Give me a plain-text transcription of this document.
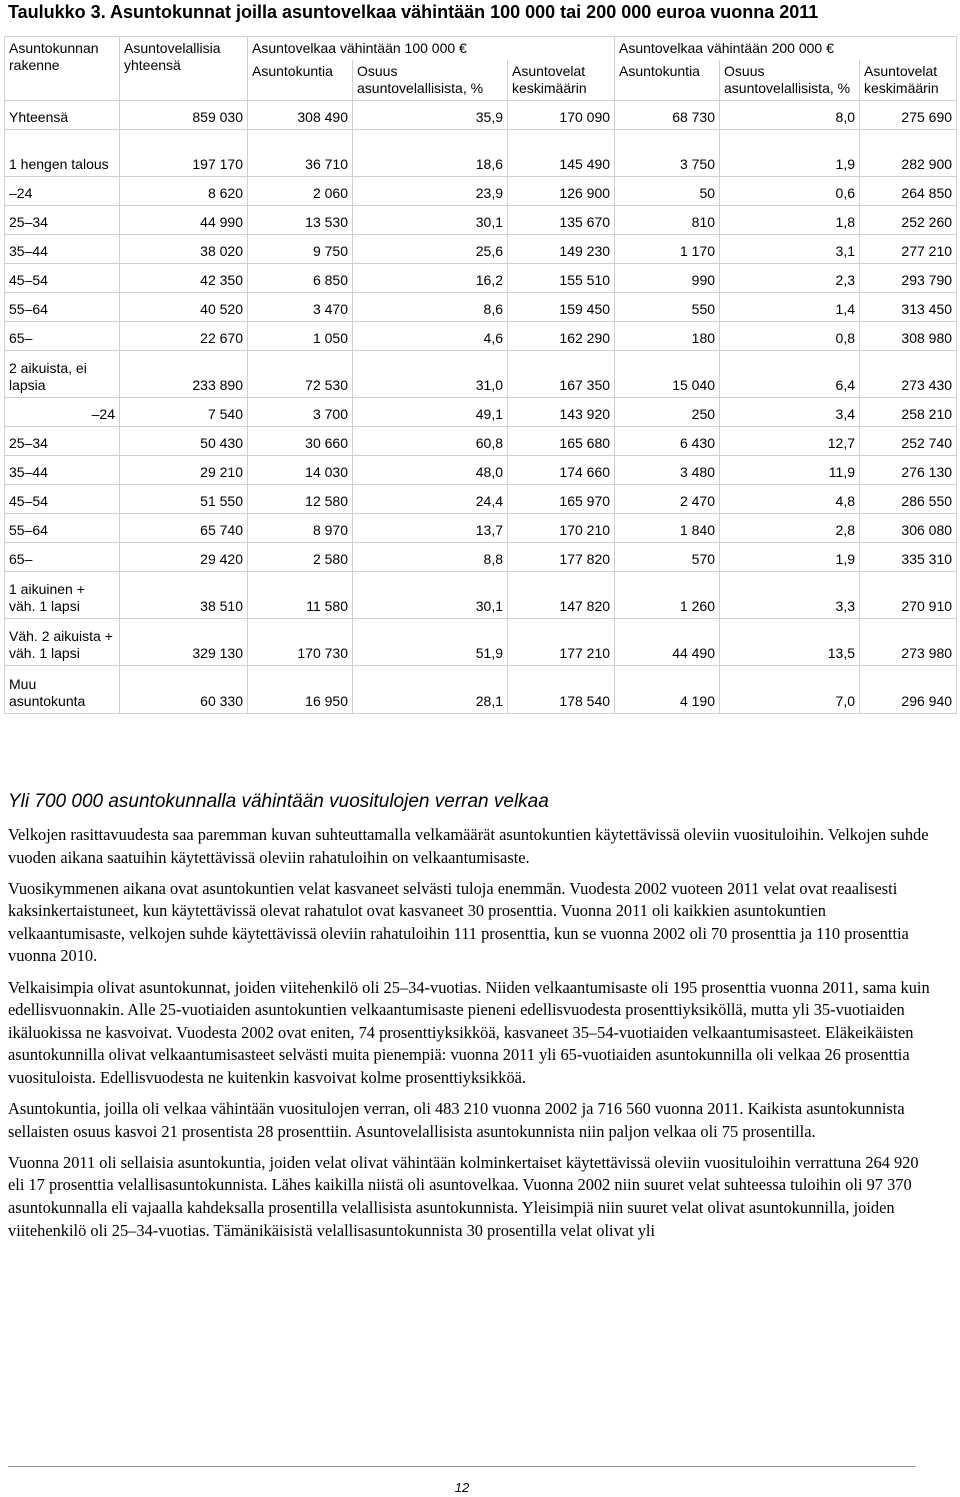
Taulukko 3. Asuntokunnat joilla asuntovelkaa vähintään 100 000 tai 200 000 euroa vuonna 2011
Asuntokunnan rakenne	Asuntovelallisia yhteensä	Asuntovelkaa vähintään 100 000 €			Asuntovelkaa vähintään 200 000 €		
		Asuntokuntia	Osuus asuntovelallisista, %	Asuntovelat keskimäärin	Asuntokuntia	Osuus asuntovelallisista, %	Asuntovelat keskimäärin
Yhteensä	859 030	308 490	35,9	170 090	68 730	8,0	275 690
1 hengen talous	197 170	36 710	18,6	145 490	3 750	1,9	282 900
–24	8 620	2 060	23,9	126 900	50	0,6	264 850
25–34	44 990	13 530	30,1	135 670	810	1,8	252 260
35–44	38 020	9 750	25,6	149 230	1 170	3,1	277 210
45–54	42 350	6 850	16,2	155 510	990	2,3	293 790
55–64	40 520	3 470	8,6	159 450	550	1,4	313 450
65–	22 670	1 050	4,6	162 290	180	0,8	308 980
2 aikuista, ei lapsia	233 890	72 530	31,0	167 350	15 040	6,4	273 430
–24	7 540	3 700	49,1	143 920	250	3,4	258 210
25–34	50 430	30 660	60,8	165 680	6 430	12,7	252 740
35–44	29 210	14 030	48,0	174 660	3 480	11,9	276 130
45–54	51 550	12 580	24,4	165 970	2 470	4,8	286 550
55–64	65 740	8 970	13,7	170 210	1 840	2,8	306 080
65–	29 420	2 580	8,8	177 820	570	1,9	335 310
1 aikuinen + väh. 1 lapsi	38 510	11 580	30,1	147 820	1 260	3,3	270 910
Väh. 2 aikuista + väh. 1 lapsi	329 130	170 730	51,9	177 210	44 490	13,5	273 980
Muu asuntokunta	60 330	16 950	28,1	178 540	4 190	7,0	296 940
Yli 700 000 asuntokunnalla vähintään vuositulojen verran velkaa

Velkojen rasittavuudesta saa paremman kuvan suhteuttamalla velkamäärät asuntokuntien käytettävissä oleviin vuosituloihin. Velkojen suhde vuoden aikana saatuihin käytettävissä oleviin rahatuloihin on velkaantumisaste.

Vuosikymmenen aikana ovat asuntokuntien velat kasvaneet selvästi tuloja enemmän. Vuodesta 2002 vuoteen 2011 velat ovat reaalisesti kaksinkertaistuneet, kun käytettävissä olevat rahatulot ovat kasvaneet 30 prosenttia. Vuonna 2011 oli kaikkien asuntokuntien velkaantumisaste, velkojen suhde käytettävissä oleviin rahatuloihin 111 prosenttia, kun se vuonna 2002 oli 70 prosenttia ja 110 prosenttia vuonna 2010.

Velkaisimpia olivat asuntokunnat, joiden viitehenkilö oli 25–34-vuotias. Niiden velkaantumisaste oli 195 prosenttia vuonna 2011, sama kuin edellisvuonnakin. Alle 25-vuotiaiden asuntokuntien velkaantumisaste pieneni edellisvuodesta prosenttiyksiköllä, mutta yli 35-vuotiaiden ikäluokissa ne kasvoivat. Vuodesta 2002 ovat eniten, 74 prosenttiyksikköä, kasvaneet 35–54-vuotiaiden velkaantumisasteet. Eläkeikäisten asuntokunnilla olivat velkaantumisasteet selvästi muita pienempiä: vuonna 2011 yli 65-vuotiaiden asuntokunnilla oli velkaa 26 prosenttia vuosituloista. Edellisvuodesta ne kuitenkin kasvoivat kolme prosenttiyksikköä.

Asuntokuntia, joilla oli velkaa vähintään vuositulojen verran, oli 483 210 vuonna 2002 ja 716 560 vuonna 2011. Kaikista asuntokunnista sellaisten osuus kasvoi 21 prosentista 28 prosenttiin. Asuntovelallisista asuntokunnista niin paljon velkaa oli 75 prosentilla.

Vuonna 2011 oli sellaisia asuntokuntia, joiden velat olivat vähintään kolminkertaiset käytettävissä oleviin vuosituloihin verrattuna 264 920 eli 17 prosenttia velallisasuntokunnista. Lähes kaikilla niistä oli asuntovelkaa. Vuonna 2002 niin suuret velat suhteessa tuloihin oli 97 370 asuntokunnalla eli vajaalla kahdeksalla prosentilla velallisista asuntokunnista. Yleisimpiä niin suuret velat olivat asuntokunnilla, joiden viitehenkilö oli 25–34-vuotias. Tämänikäisistä velallisasuntokunnista 30 prosentilla velat olivat yli

12
